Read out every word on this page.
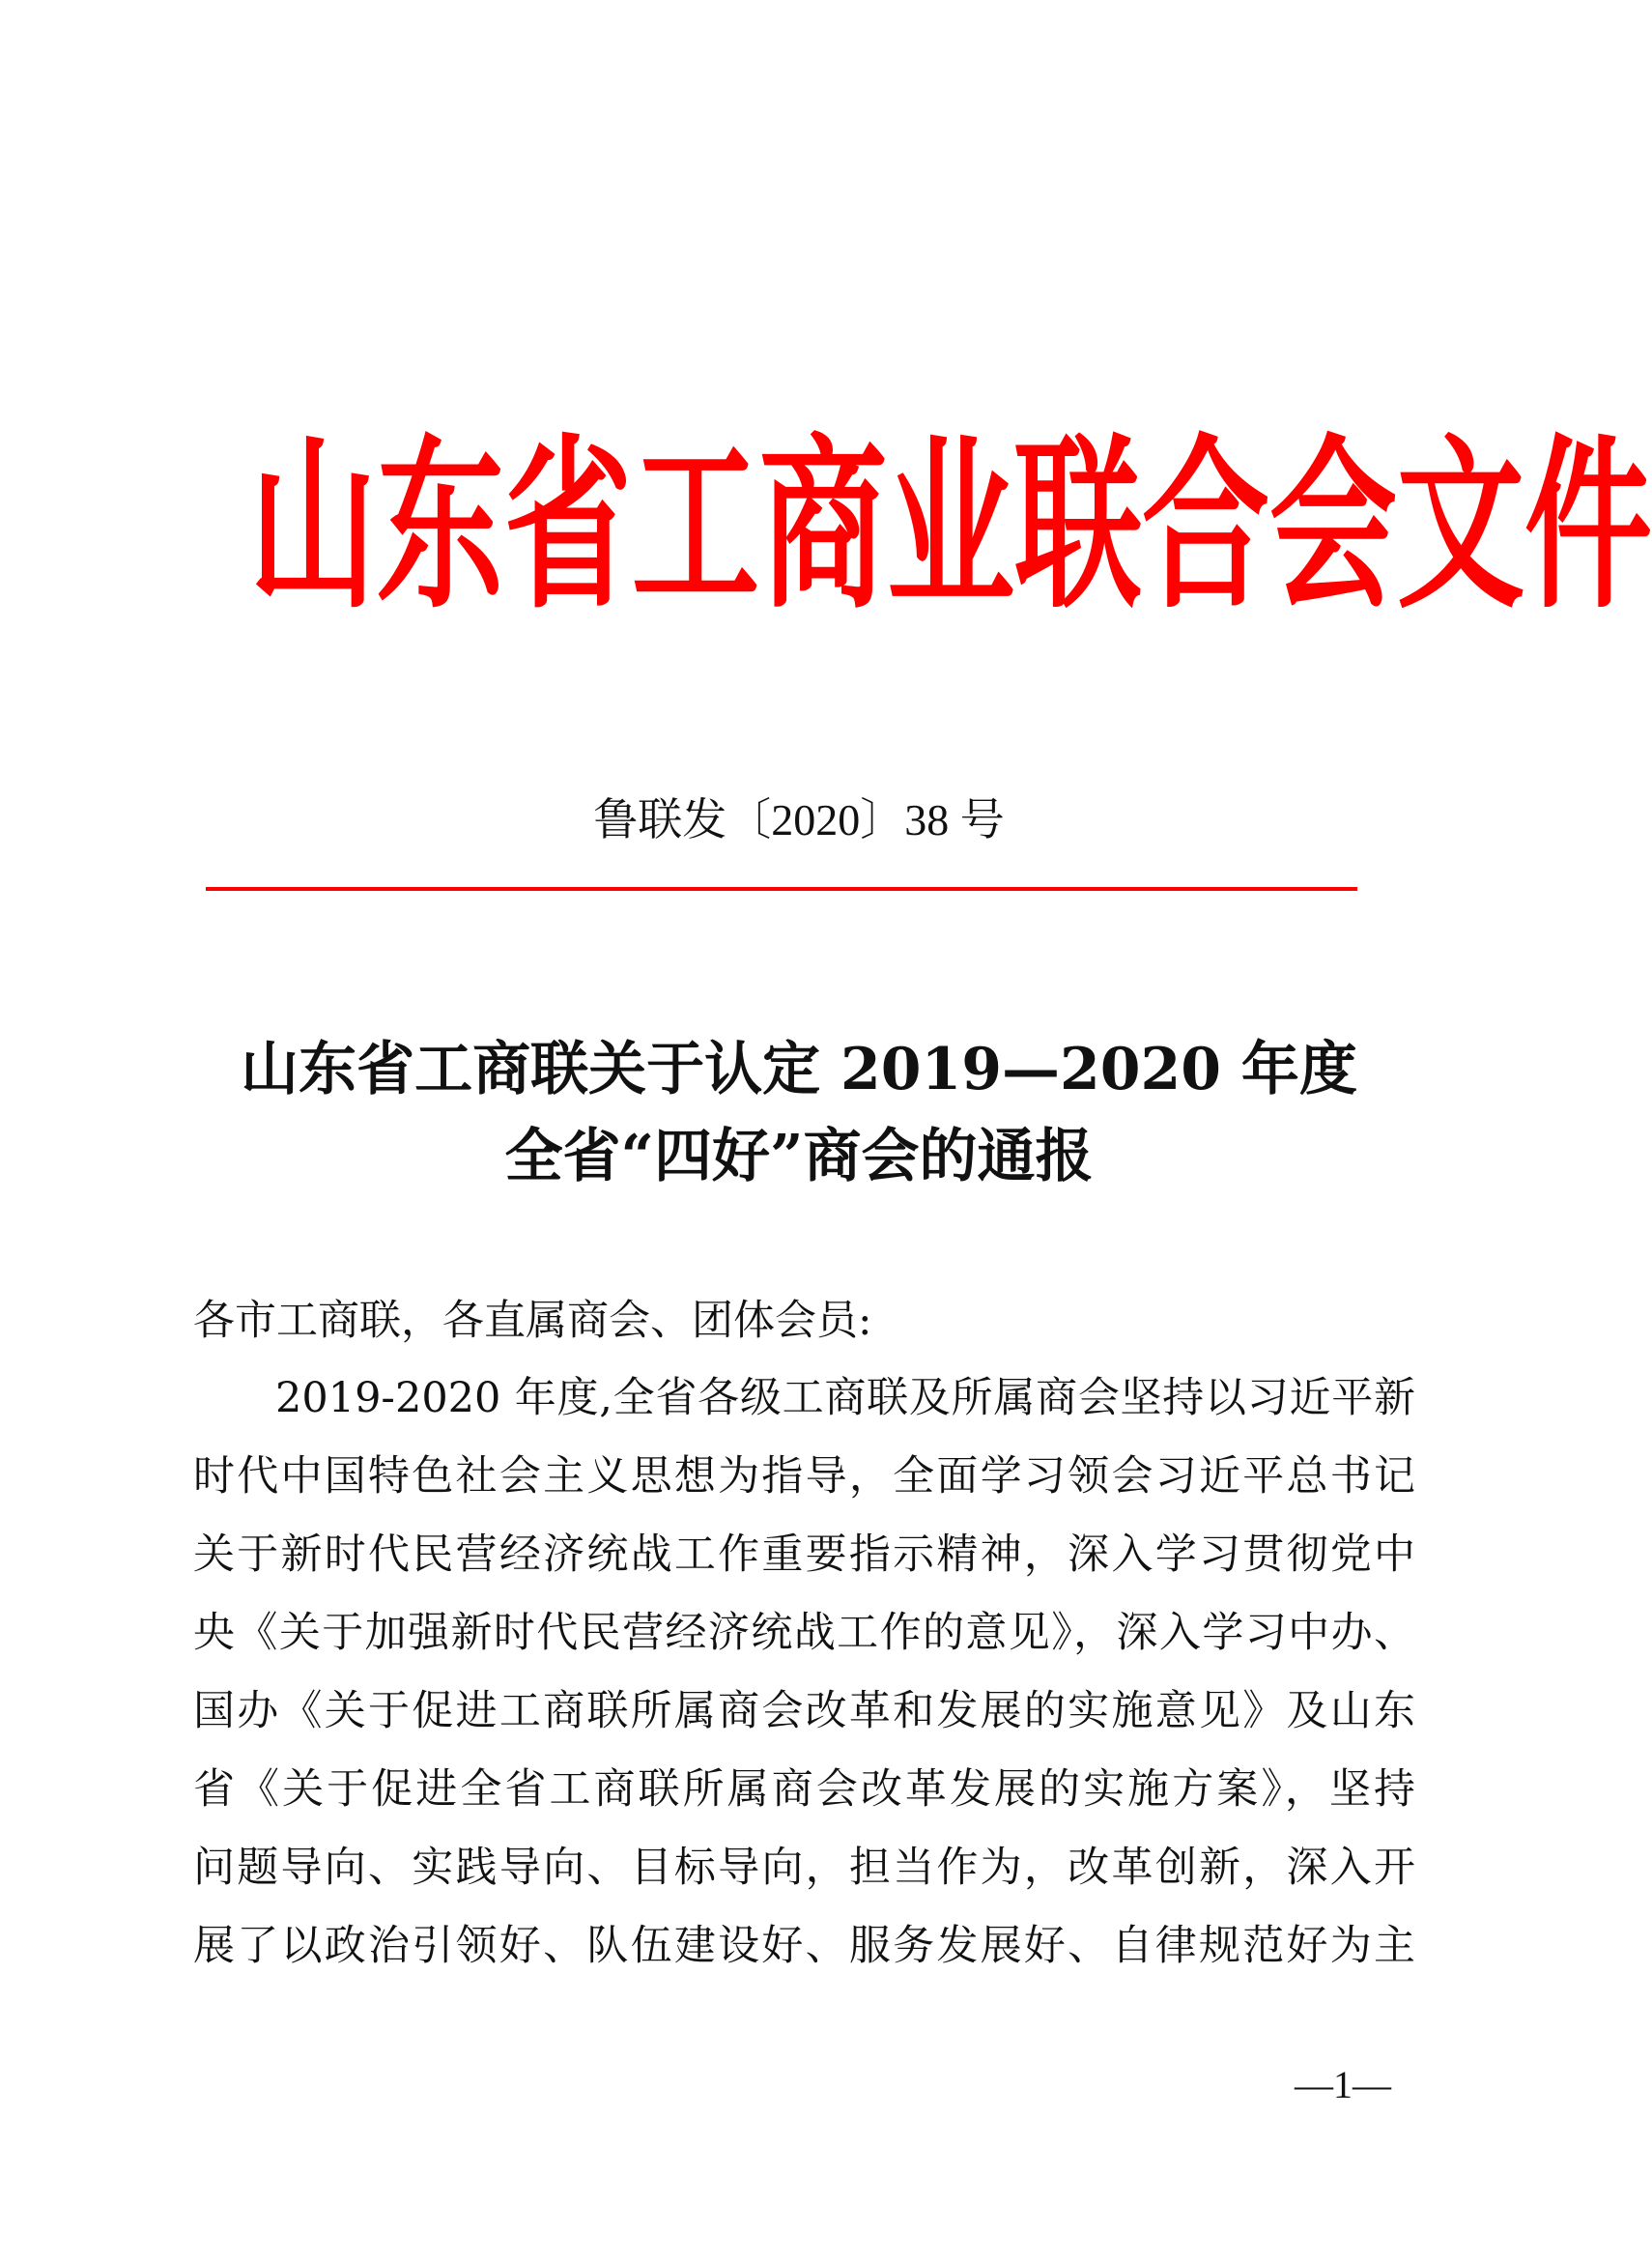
山 东 省 工 商 业 联 合 会 文 件
鲁联发〔2020〕38 号
山东省工商联关于认定 2019—2020 年度
全省“四好”商会的通报
各市工商联，各直属商会、团体会员:
2019-2020 年度,全省各级工商联及所属商会坚持以习近平新
时代中国特色社会主义思想为指导，全面学习领会习近平总书记
关于新时代民营经济统战工作重要指示精神，深入学习贯彻党中
央《关于加强新时代民营经济统战工作的意见》，深入学习中办、
国办《关于促进工商联所属商会改革和发展的实施意见》及山东
省《关于促进全省工商联所属商会改革发展的实施方案》，坚持
问题导向、实践导向、目标导向，担当作为，改革创新，深入开
展了以政治引领好、队伍建设好、服务发展好、自律规范好为主
—1—
